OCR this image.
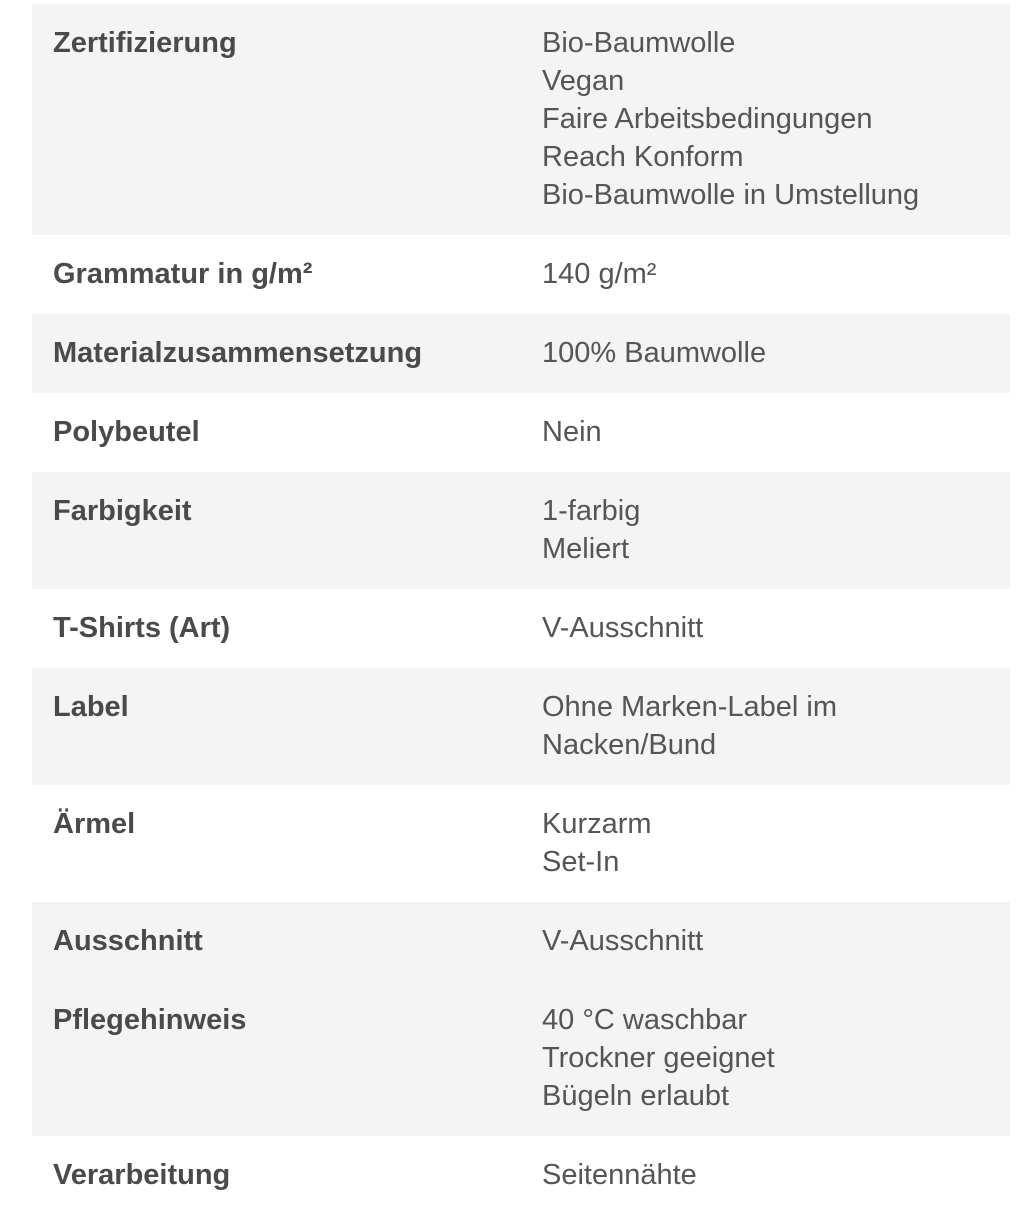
Zertifizierung	Bio-Baumwolle
Vegan
Faire Arbeitsbedingungen
Reach Konform
Bio-Baumwolle in Umstellung
Grammatur in g/m²	140 g/m²
Materialzusammensetzung	100% Baumwolle
Polybeutel	Nein
Farbigkeit	1-farbig
Meliert
T-Shirts (Art)	V-Ausschnitt
Label	Ohne Marken-Label im
Nacken/Bund
Ärmel	Kurzarm
Set-In
Ausschnitt	V-Ausschnitt
Pflegehinweis	40 °C waschbar
Trockner geeignet
Bügeln erlaubt
Verarbeitung	Seitennähte
